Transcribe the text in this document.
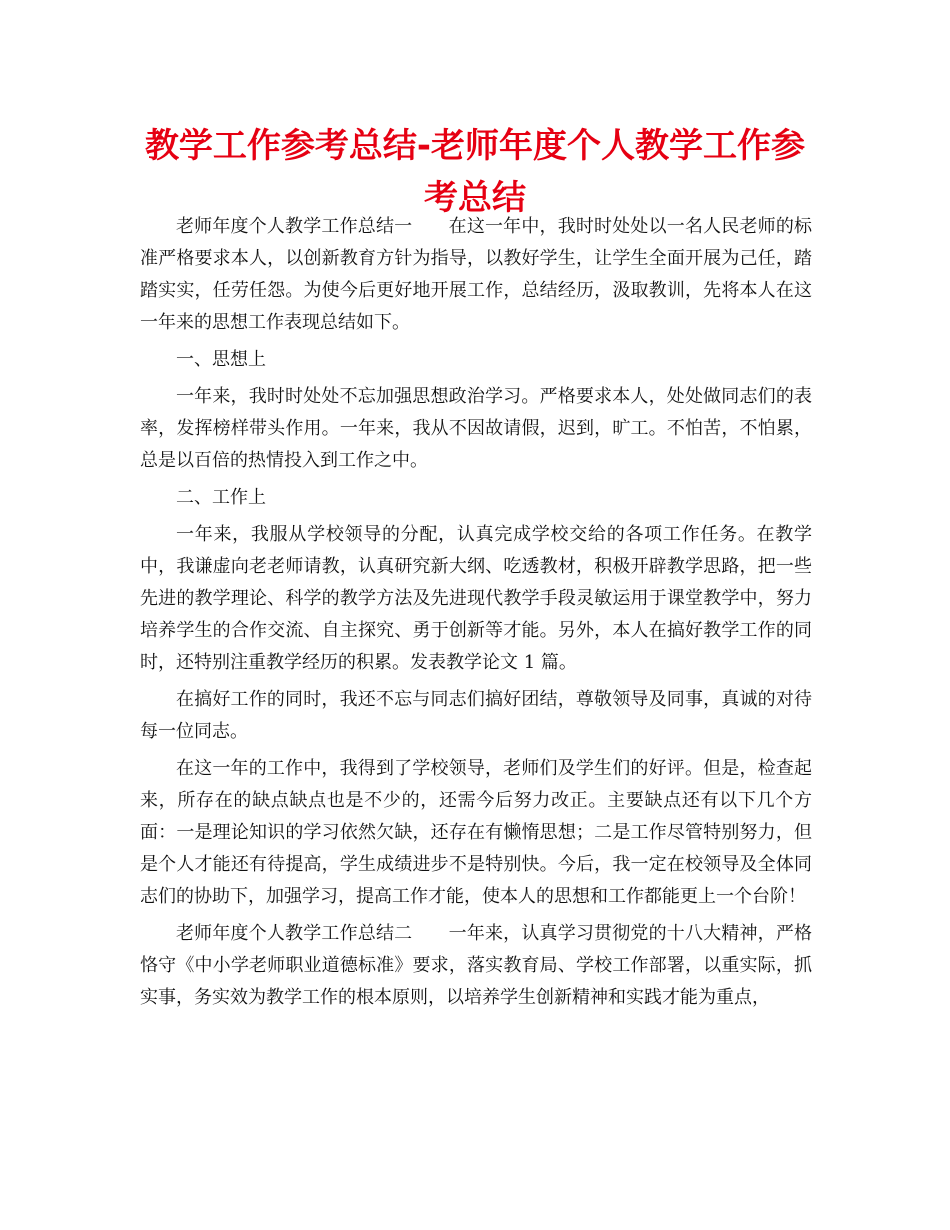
教学工作参考总结-老师年度个人教学工作参考总结

老师年度个人教学工作总结一　　在这一年中，我时时处处以一名人民老师的标准严格要求本人，以创新教育方针为指导，以教好学生，让学生全面开展为己任，踏踏实实，任劳任怨。为使今后更好地开展工作，总结经历，汲取教训，先将本人在这一年来的思想工作表现总结如下。

一、思想上

一年来，我时时处处不忘加强思想政治学习。严格要求本人，处处做同志们的表率，发挥榜样带头作用。一年来，我从不因故请假，迟到，旷工。不怕苦，不怕累，总是以百倍的热情投入到工作之中。

二、工作上

一年来，我服从学校领导的分配，认真完成学校交给的各项工作任务。在教学中，我谦虚向老老师请教，认真研究新大纲、吃透教材，积极开辟教学思路，把一些先进的教学理论、科学的教学方法及先进现代教学手段灵敏运用于课堂教学中，努力培养学生的合作交流、自主探究、勇于创新等才能。另外，本人在搞好教学工作的同时，还特别注重教学经历的积累。发表教学论文 1 篇。

在搞好工作的同时，我还不忘与同志们搞好团结，尊敬领导及同事，真诚的对待每一位同志。

在这一年的工作中，我得到了学校领导，老师们及学生们的好评。但是，检查起来，所存在的缺点缺点也是不少的，还需今后努力改正。主要缺点还有以下几个方面：一是理论知识的学习依然欠缺，还存在有懒惰思想；二是工作尽管特别努力，但是个人才能还有待提高，学生成绩进步不是特别快。今后，我一定在校领导及全体同志们的协助下，加强学习，提高工作才能，使本人的思想和工作都能更上一个台阶！

老师年度个人教学工作总结二　　一年来，认真学习贯彻党的十八大精神，严格恪守《中小学老师职业道德标准》要求，落实教育局、学校工作部署，以重实际，抓实事，务实效为教学工作的根本原则，以培养学生创新精神和实践才能为重点，
